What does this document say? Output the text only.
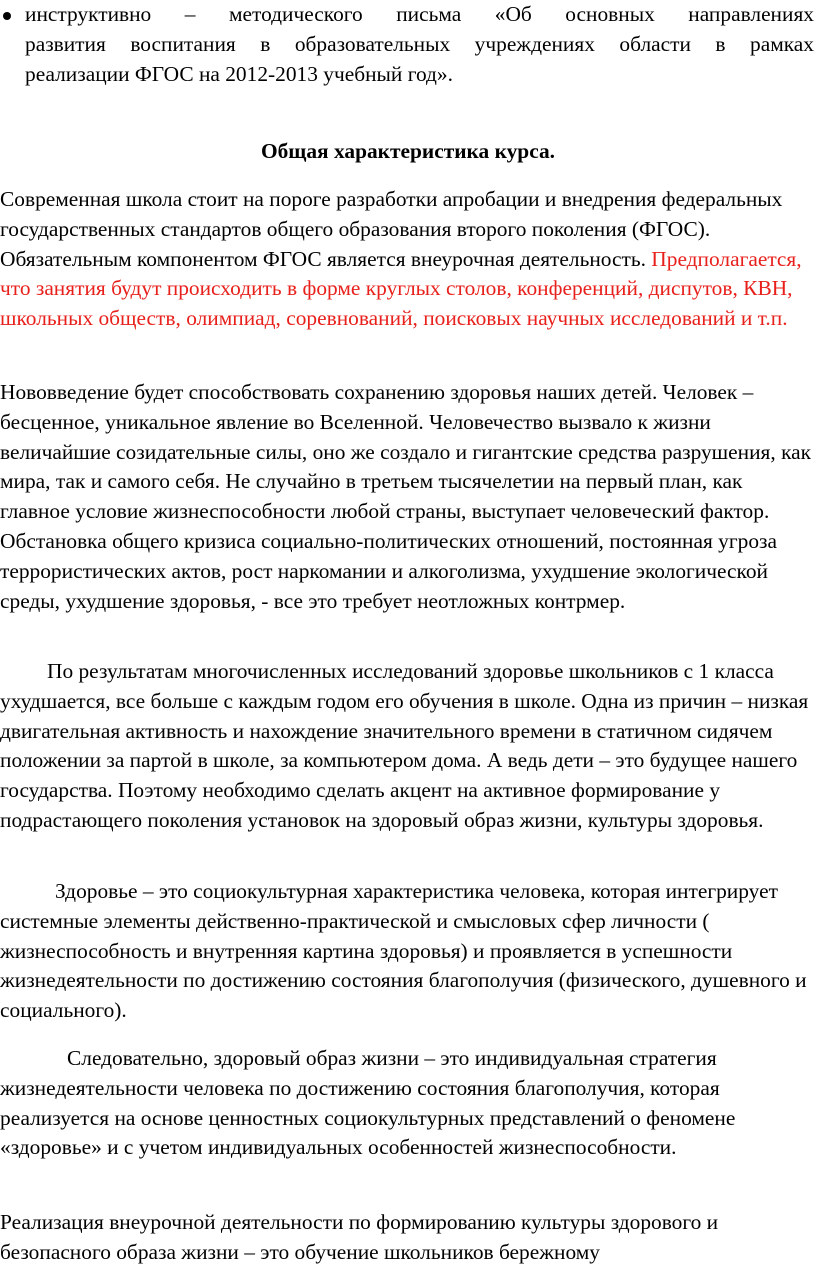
инструктивно – методического письма «Об основных направлениях
развития воспитания в образовательных учреждениях области в рамках
реализации ФГОС на 2012-2013 учебный год».
Общая характеристика курса.

Современная школа стоит на пороге разработки апробации и внедрения федеральных государственных стандартов общего образования второго поколения (ФГОС). Обязательным компонентом ФГОС является внеурочная деятельность. Предполагается, что занятия будут происходить в форме круглых столов, конференций, диспутов, КВН, школьных обществ, олимпиад, соревнований, поисковых научных исследований и т.п.

Нововведение будет способствовать сохранению здоровья наших детей. Человек – бесценное, уникальное явление во Вселенной. Человечество вызвало к жизни величайшие созидательные силы, оно же создало и гигантские средства разрушения, как мира, так и самого себя. Не случайно в третьем тысячелетии на первый план, как главное условие жизнеспособности любой страны, выступает человеческий фактор. Обстановка общего кризиса социально-политических отношений, постоянная угроза террористических актов, рост наркомании и алкоголизма, ухудшение экологической среды, ухудшение здоровья, - все это требует неотложных контрмер.

По результатам многочисленных исследований здоровье школьников с 1 класса ухудшается, все больше с каждым годом его обучения в школе. Одна из причин – низкая двигательная активность и нахождение значительного времени в статичном сидячем положении за партой в школе, за компьютером дома. А ведь дети – это будущее нашего государства. Поэтому необходимо сделать акцент на активное формирование у подрастающего поколения установок на здоровый образ жизни, культуры здоровья.

Здоровье – это социокультурная характеристика человека, которая интегрирует системные элементы действенно-практической и смысловых сфер личности ( жизнеспособность и внутренняя картина здоровья) и проявляется в успешности жизнедеятельности по достижению состояния благополучия (физического, душевного и социального).

Следовательно, здоровый образ жизни – это индивидуальная стратегия жизнедеятельности человека по достижению состояния благополучия, которая реализуется на основе ценностных социокультурных представлений о феномене «здоровье» и с учетом индивидуальных особенностей жизнеспособности.

Реализация внеурочной деятельности по формированию культуры здорового и безопасного образа жизни – это обучение школьников бережному
